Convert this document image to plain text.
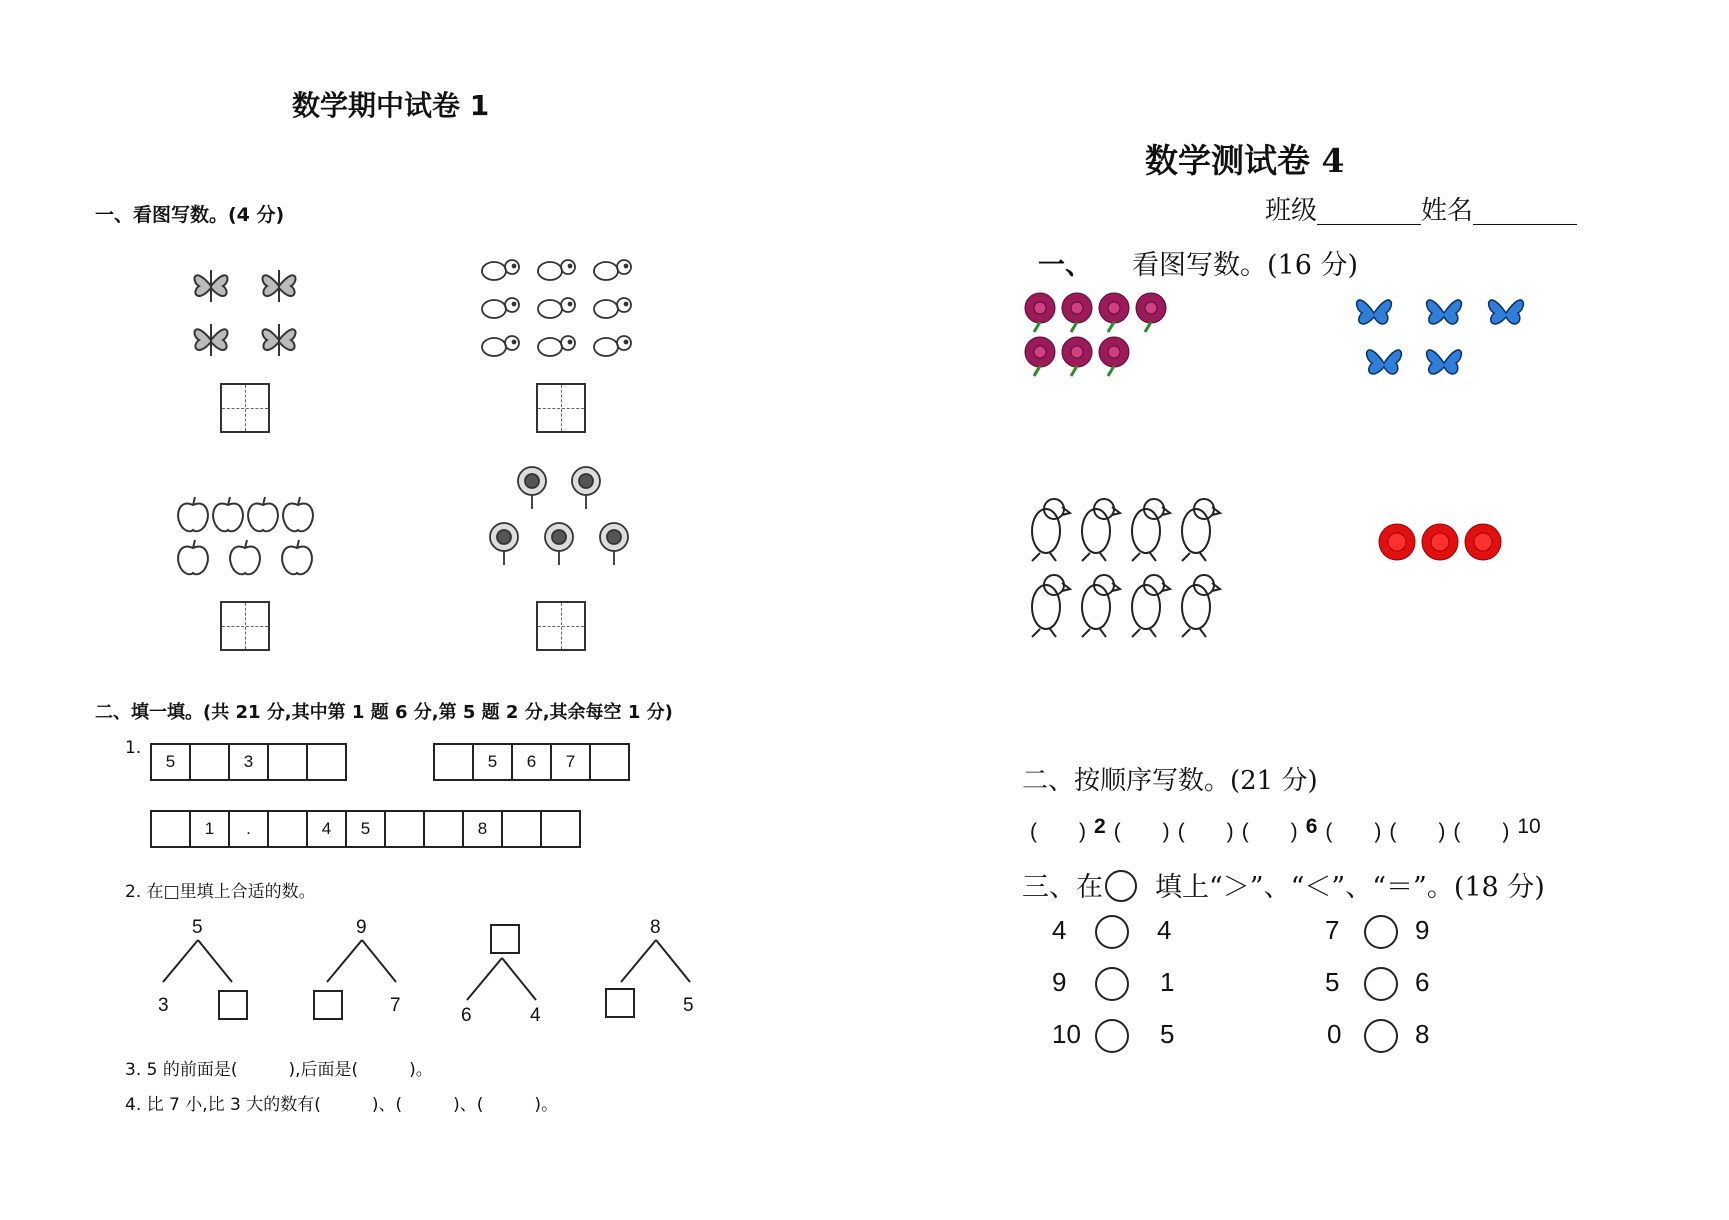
数学期中试卷 1
一、看图写数。(4 分)
二、填一填。(共 21 分,其中第 1 题 6 分,第 5 题 2 分,其余每空 1 分)
1.
5	3	5	6	7
1	.	4	5	8
2. 在□里填上合适的数。
5
3
9
7	6	4
8
5
3. 5 的前面是(　　　),后面是(　　　)。
4. 比 7 小,比 3 大的数有(　　　)、(　　　)、(　　　)。
数学测试卷 4
班级________姓名________
一、 看图写数。(16 分)
二、按顺序写数。(21 分)
(　　) 2 (　　) (　　) (　　) 6 (　　) (　　) (　　) 10
三、在 填上“＞”、“＜”、“＝”。(18 分)
4	4	7	9
9	1	5	6
10	5	0	8
